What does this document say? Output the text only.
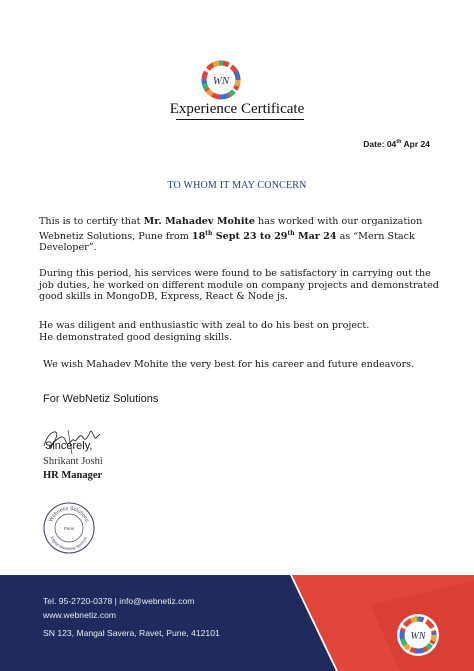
WN
Experience Certificate
Date: 04th Apr 24
TO WHOM IT MAY CONCERN
This is to certify that Mr. Mahadev Mohite has worked with our organization Webnetiz Solutions, Pune from 18th Sept 23 to 29th Mar 24 as “Mern Stack Developer”.
During this period, his services were found to be satisfactory in carrying out the job duties, he worked on different module on company projects and demonstrated good skills in MongoDB, Express, React & Node js.
He was diligent and enthusiastic with zeal to do his best on project.
He demonstrated good designing skills.
We wish Mahadev Mohite the very best for his career and future endeavors.
For WebNetiz Solutions
Sincerely,
Shrikant Joshi
HR Manager
Webnetiz Solutions
Pune
Digital Marketing Services
Tel. 95-2720-0378 | info@webnetiz.com
www.webnetiz.com
SN 123, Mangal Savera, Ravet, Pune, 412101	WN
